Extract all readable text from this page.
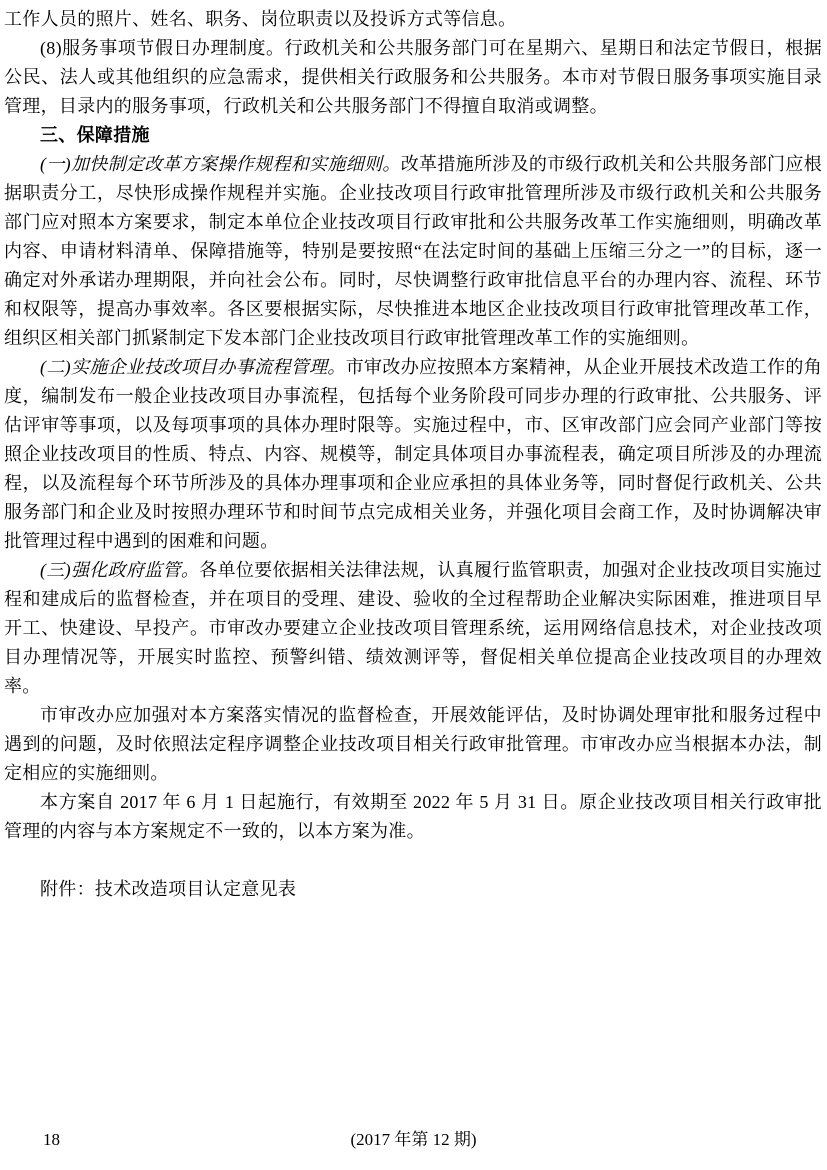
工作人员的照片、姓名、职务、岗位职责以及投诉方式等信息。

(8)服务事项节假日办理制度。行政机关和公共服务部门可在星期六、星期日和法定节假日，根据公民、法人或其他组织的应急需求，提供相关行政服务和公共服务。本市对节假日服务事项实施目录管理，目录内的服务事项，行政机关和公共服务部门不得擅自取消或调整。

三、保障措施

(一)加快制定改革方案操作规程和实施细则。改革措施所涉及的市级行政机关和公共服务部门应根据职责分工，尽快形成操作规程并实施。企业技改项目行政审批管理所涉及市级行政机关和公共服务部门应对照本方案要求，制定本单位企业技改项目行政审批和公共服务改革工作实施细则，明确改革内容、申请材料清单、保障措施等，特别是要按照“在法定时间的基础上压缩三分之一”的目标，逐一确定对外承诺办理期限，并向社会公布。同时，尽快调整行政审批信息平台的办理内容、流程、环节和权限等，提高办事效率。各区要根据实际，尽快推进本地区企业技改项目行政审批管理改革工作，组织区相关部门抓紧制定下发本部门企业技改项目行政审批管理改革工作的实施细则。

(二)实施企业技改项目办事流程管理。市审改办应按照本方案精神，从企业开展技术改造工作的角度，编制发布一般企业技改项目办事流程，包括每个业务阶段可同步办理的行政审批、公共服务、评估评审等事项，以及每项事项的具体办理时限等。实施过程中，市、区审改部门应会同产业部门等按照企业技改项目的性质、特点、内容、规模等，制定具体项目办事流程表，确定项目所涉及的办理流程，以及流程每个环节所涉及的具体办理事项和企业应承担的具体业务等，同时督促行政机关、公共服务部门和企业及时按照办理环节和时间节点完成相关业务，并强化项目会商工作，及时协调解决审批管理过程中遇到的困难和问题。

(三)强化政府监管。各单位要依据相关法律法规，认真履行监管职责，加强对企业技改项目实施过程和建成后的监督检查，并在项目的受理、建设、验收的全过程帮助企业解决实际困难，推进项目早开工、快建设、早投产。市审改办要建立企业技改项目管理系统，运用网络信息技术，对企业技改项目办理情况等，开展实时监控、预警纠错、绩效测评等，督促相关单位提高企业技改项目的办理效率。

市审改办应加强对本方案落实情况的监督检查，开展效能评估，及时协调处理审批和服务过程中遇到的问题，及时依照法定程序调整企业技改项目相关行政审批管理。市审改办应当根据本办法，制定相应的实施细则。

本方案自 2017 年 6 月 1 日起施行，有效期至 2022 年 5 月 31 日。原企业技改项目相关行政审批管理的内容与本方案规定不一致的，以本方案为准。

附件：技术改造项目认定意见表

18	(2017 年第 12 期)
